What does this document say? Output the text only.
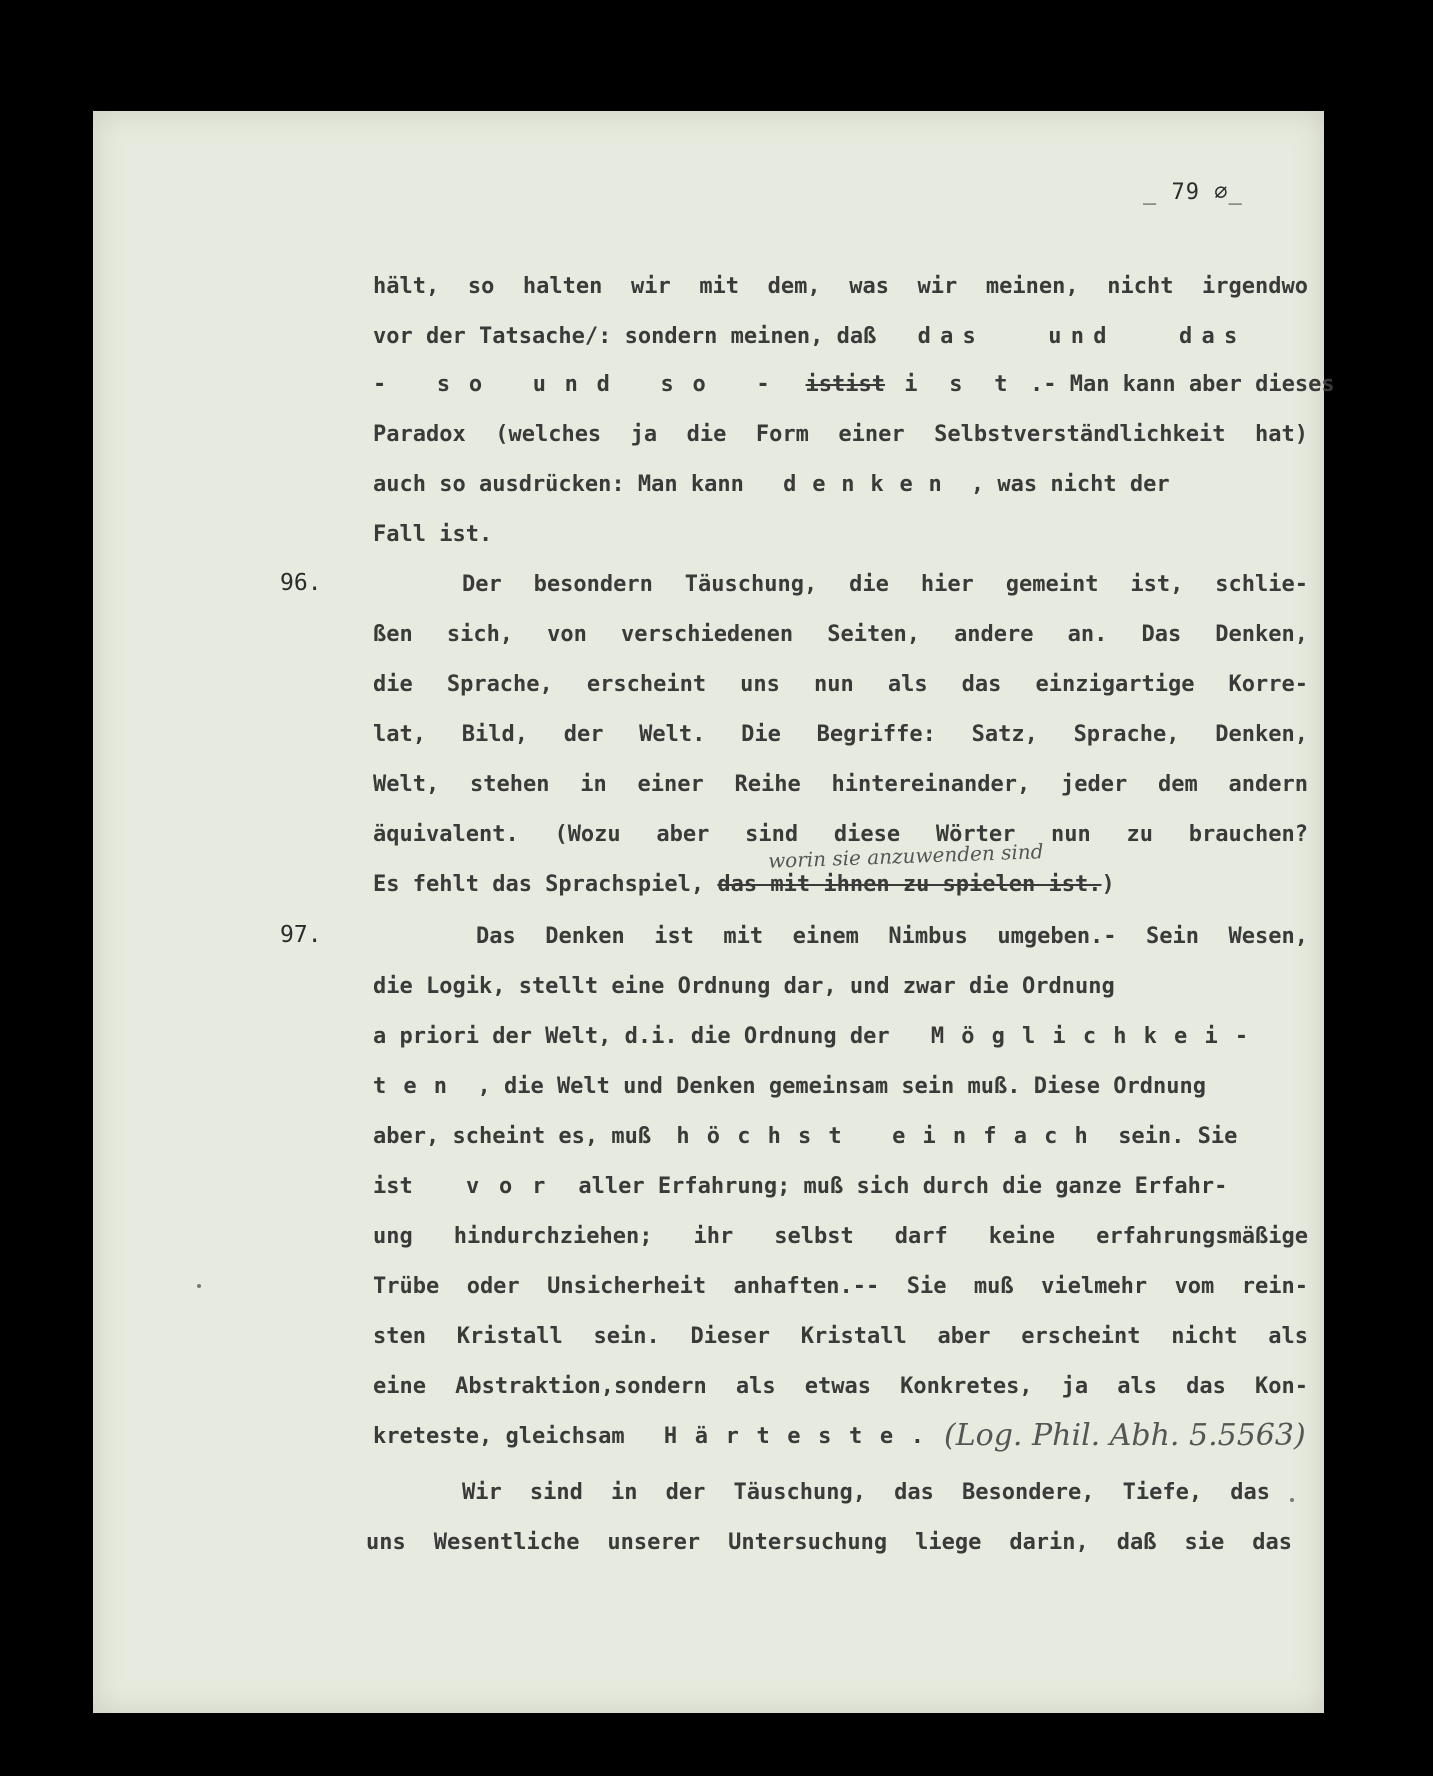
_ 79 ∅_
hält, so halten wir mit dem, was wir meinen, nicht irgendwo
vor der Tatsache/: sondern meinen, daß das	und	das
- so und so - istist i s t .- Man kann aber dieses
Paradox (welches ja die Form einer Selbstverständlichkeit hat)
auch so ausdrücken: Man kann denken , was nicht der
Fall ist.
96.	Der besondern Täuschung, die hier gemeint ist, schlie-
ßen sich, von verschiedenen Seiten, andere an. Das Denken,
die Sprache, erscheint uns nun als das einzigartige Korre-
lat, Bild, der Welt. Die Begriffe: Satz, Sprache, Denken,
Welt, stehen in einer Reihe hintereinander, jeder dem andern
äquivalent. (Wozu aber sind diese Wörter nun zu brauchen?
worin sie anzuwenden sind
Es fehlt das Sprachspiel, das mit ihnen zu spielen ist.)
97.	Das Denken ist mit einem Nimbus umgeben.- Sein Wesen,
die Logik, stellt eine Ordnung dar, und zwar die Ordnung
a priori der Welt, d.i. die Ordnung der Möglichkei-
ten , die Welt und Denken gemeinsam sein muß. Diese Ordnung
aber, scheint es, muß höchst einfach sein. Sie
ist vor aller Erfahrung; muß sich durch die ganze Erfahr-
ung hindurchziehen; ihr selbst darf keine erfahrungsmäßige
Trübe oder Unsicherheit anhaften.-- Sie muß vielmehr vom rein-
sten Kristall sein. Dieser Kristall aber erscheint nicht als
eine Abstraktion,sondern als etwas Konkretes, ja als das Kon-
kreteste, gleichsam Härteste. (Log. Phil. Abh. 5.5563)
Wir sind in der Täuschung, das Besondere, Tiefe, das
uns Wesentliche unserer Untersuchung liege darin, daß sie das
